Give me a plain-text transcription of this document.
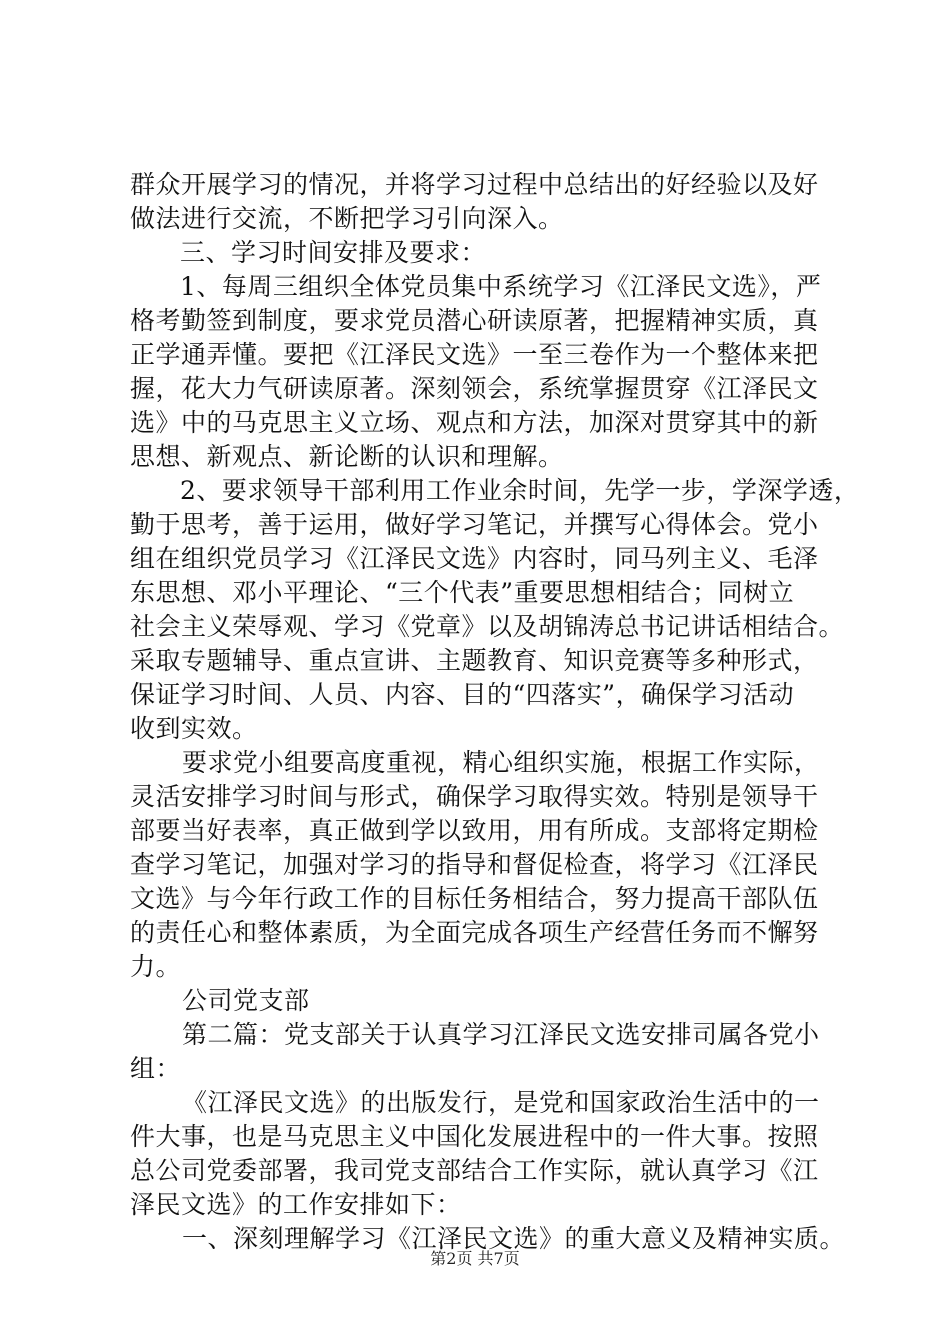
群众开展学习的情况，并将学习过程中总结出的好经验以及好
做法进行交流，不断把学习引向深入。
三、学习时间安排及要求：
1、每周三组织全体党员集中系统学习《江泽民文选》，严
格考勤签到制度，要求党员潜心研读原著，把握精神实质，真
正学通弄懂。要把《江泽民文选》一至三卷作为一个整体来把
握，花大力气研读原著。深刻领会，系统掌握贯穿《江泽民文
选》中的马克思主义立场、观点和方法，加深对贯穿其中的新
思想、新观点、新论断的认识和理解。
2、要求领导干部利用工作业余时间，先学一步，学深学透，
勤于思考，善于运用，做好学习笔记，并撰写心得体会。党小
组在组织党员学习《江泽民文选》内容时，同马列主义、毛泽
东思想、邓小平理论、“三个代表”重要思想相结合；同树立
社会主义荣辱观、学习《党章》以及胡锦涛总书记讲话相结合。
采取专题辅导、重点宣讲、主题教育、知识竞赛等多种形式，
保证学习时间、人员、内容、目的“四落实”，确保学习活动
收到实效。
要求党小组要高度重视，精心组织实施，根据工作实际，
灵活安排学习时间与形式，确保学习取得实效。特别是领导干
部要当好表率，真正做到学以致用，用有所成。支部将定期检
查学习笔记，加强对学习的指导和督促检查，将学习《江泽民
文选》与今年行政工作的目标任务相结合，努力提高干部队伍
的责任心和整体素质，为全面完成各项生产经营任务而不懈努
力。
公司党支部
第二篇：党支部关于认真学习江泽民文选安排司属各党小
组：
《江泽民文选》的出版发行，是党和国家政治生活中的一
件大事，也是马克思主义中国化发展进程中的一件大事。按照
总公司党委部署，我司党支部结合工作实际，就认真学习《江
泽民文选》的工作安排如下：
一、深刻理解学习《江泽民文选》的重大意义及精神实质。
第2页 共7页
